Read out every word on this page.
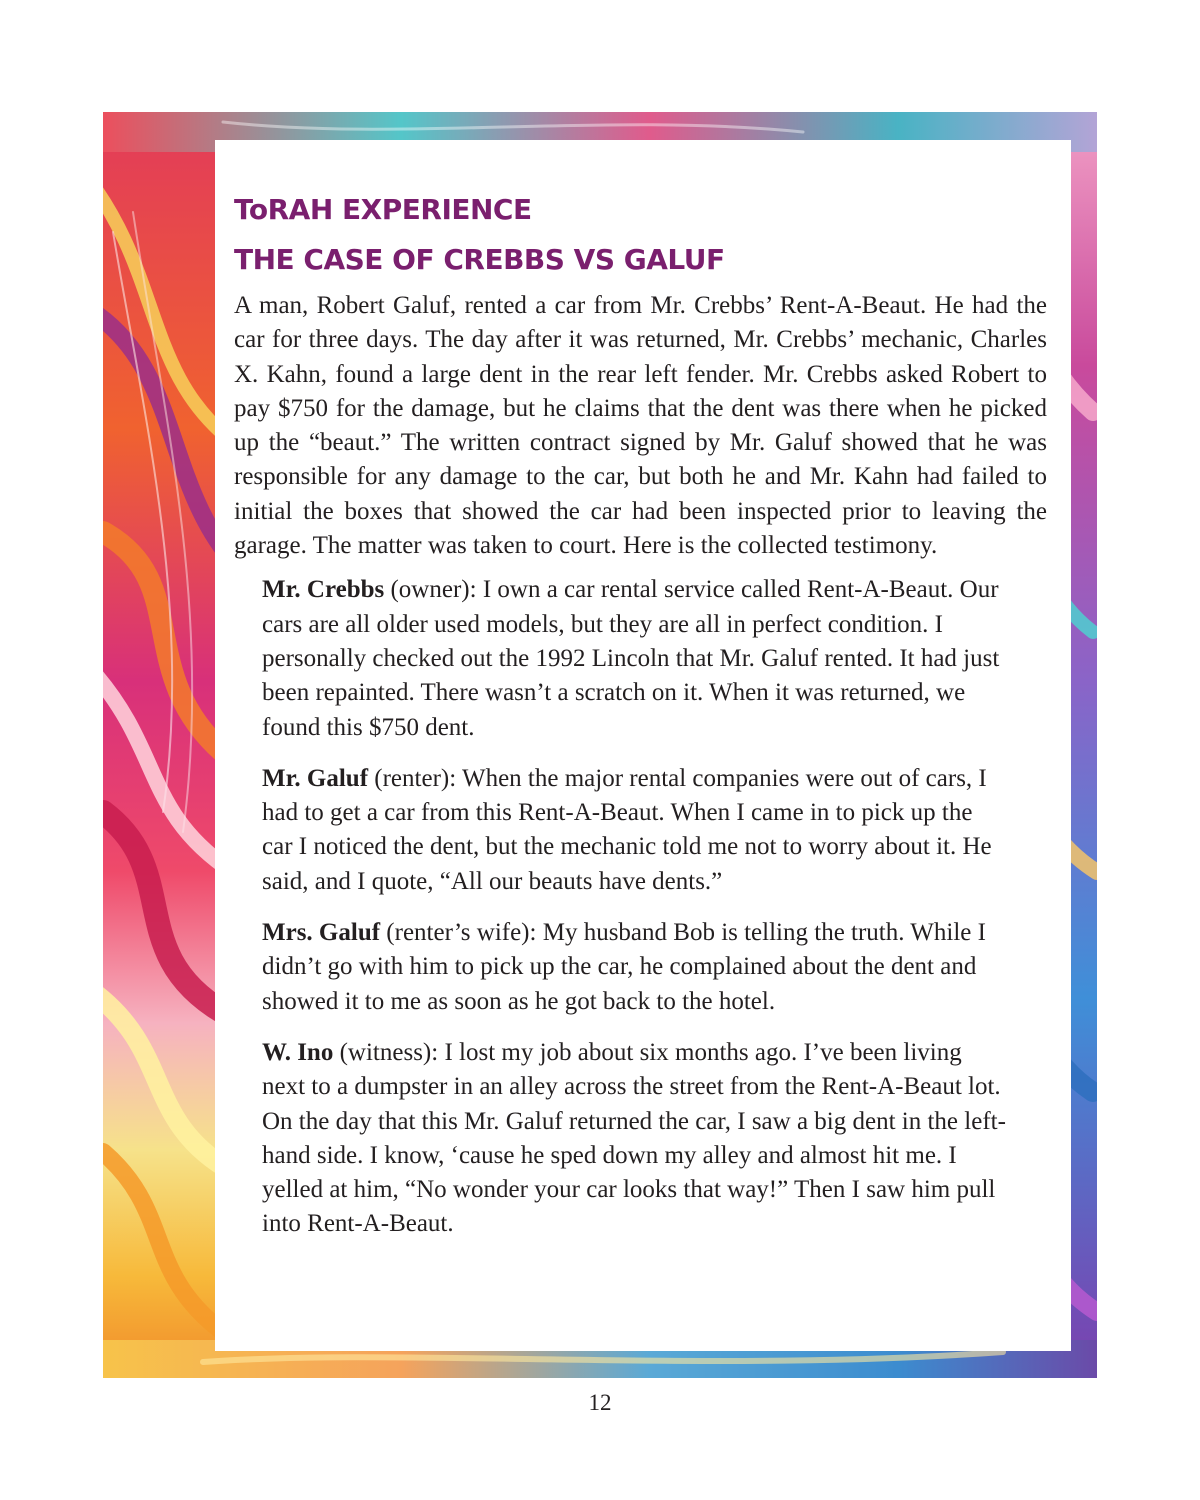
ToRAH EXPERIENCE
THE CASE OF CREBBS VS GALUF

A man, Robert Galuf, rented a car from Mr. Crebbs’ Rent-A-Beaut. He had the car for three days. The day after it was returned, Mr. Crebbs’ mechanic, Charles X. Kahn, found a large dent in the rear left fender. Mr. Crebbs asked Robert to pay $750 for the damage, but he claims that the dent was there when he picked up the “beaut.” The written contract signed by Mr. Galuf showed that he was responsible for any damage to the car, but both he and Mr. Kahn had failed to initial the boxes that showed the car had been inspected prior to leaving the garage. The matter was taken to court. Here is the collected testimony.

Mr. Crebbs (owner): I own a car rental service called Rent-A-Beaut. Our cars are all older used models, but they are all in perfect condition. I personally checked out the 1992 Lincoln that Mr. Galuf rented. It had just been repainted. There wasn’t a scratch on it. When it was returned, we found this $750 dent.

Mr. Galuf (renter): When the major rental companies were out of cars, I had to get a car from this Rent-A-Beaut. When I came in to pick up the car I noticed the dent, but the mechanic told me not to worry about it. He said, and I quote, “All our beauts have dents.”

Mrs. Galuf (renter’s wife): My husband Bob is telling the truth. While I didn’t go with him to pick up the car, he complained about the dent and showed it to me as soon as he got back to the hotel.

W. Ino (witness): I lost my job about six months ago. I’ve been living next to a dumpster in an alley across the street from the Rent-A-Beaut lot. On the day that this Mr. Galuf returned the car, I saw a big dent in the left-hand side. I know, ‘cause he sped down my alley and almost hit me. I yelled at him, “No wonder your car looks that way!” Then I saw him pull into Rent-A-Beaut.

12
